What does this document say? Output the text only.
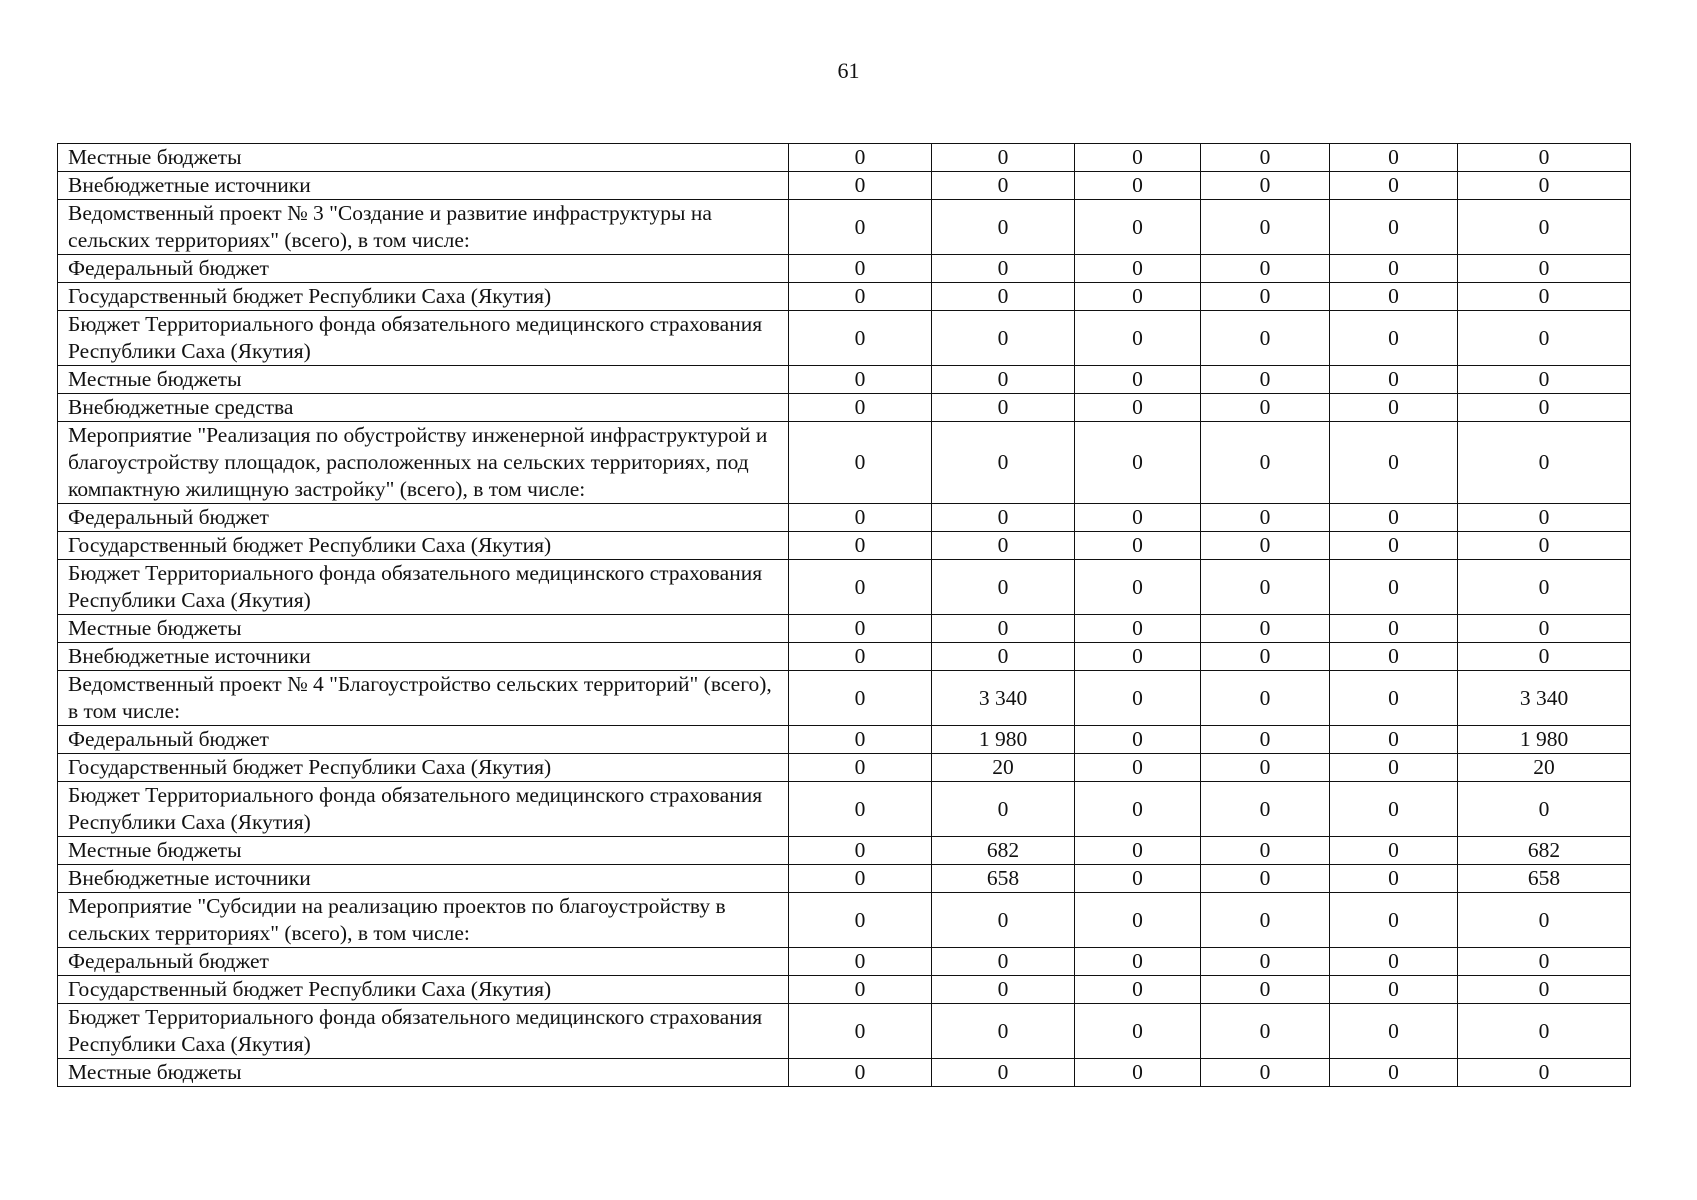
61
Местные бюджеты	0	0	0	0	0	0
Внебюджетные источники	0	0	0	0	0	0
Ведомственный проект № 3 "Создание и развитие инфраструктуры на сельских территориях" (всего), в том числе:	0	0	0	0	0	0
Федеральный бюджет	0	0	0	0	0	0
Государственный бюджет Республики Саха (Якутия)	0	0	0	0	0	0
Бюджет Территориального фонда обязательного медицинского страхования Республики Саха (Якутия)	0	0	0	0	0	0
Местные бюджеты	0	0	0	0	0	0
Внебюджетные средства	0	0	0	0	0	0
Мероприятие "Реализация по обустройству инженерной инфраструктурой и благоустройству площадок, расположенных на сельских территориях, под компактную жилищную застройку" (всего), в том числе:	0	0	0	0	0	0
Федеральный бюджет	0	0	0	0	0	0
Государственный бюджет Республики Саха (Якутия)	0	0	0	0	0	0
Бюджет Территориального фонда обязательного медицинского страхования Республики Саха (Якутия)	0	0	0	0	0	0
Местные бюджеты	0	0	0	0	0	0
Внебюджетные источники	0	0	0	0	0	0
Ведомственный проект № 4 "Благоустройство сельских территорий" (всего), в том числе:	0	3 340	0	0	0	3 340
Федеральный бюджет	0	1 980	0	0	0	1 980
Государственный бюджет Республики Саха (Якутия)	0	20	0	0	0	20
Бюджет Территориального фонда обязательного медицинского страхования Республики Саха (Якутия)	0	0	0	0	0	0
Местные бюджеты	0	682	0	0	0	682
Внебюджетные источники	0	658	0	0	0	658
Мероприятие "Субсидии на реализацию проектов по благоустройству в сельских территориях" (всего), в том числе:	0	0	0	0	0	0
Федеральный бюджет	0	0	0	0	0	0
Государственный бюджет Республики Саха (Якутия)	0	0	0	0	0	0
Бюджет Территориального фонда обязательного медицинского страхования Республики Саха (Якутия)	0	0	0	0	0	0
Местные бюджеты	0	0	0	0	0	0
